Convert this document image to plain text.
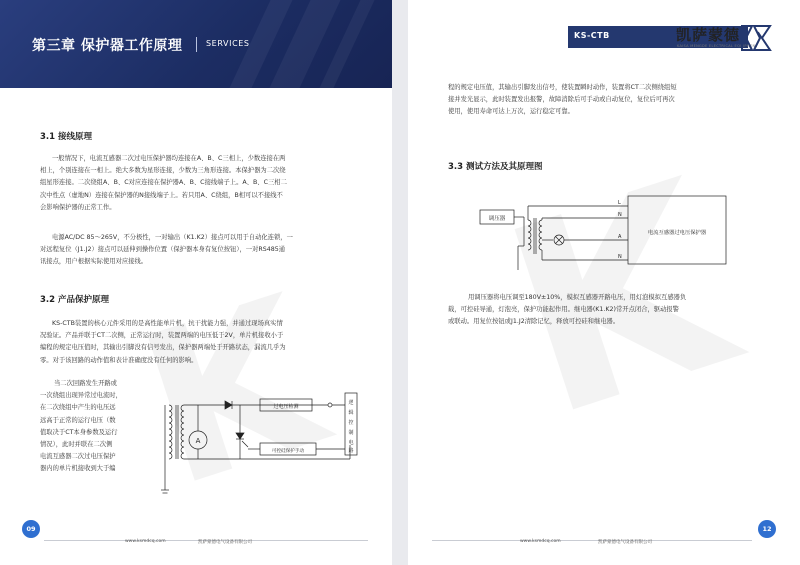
第三章 保护器工作原理	SERVICES
3.1 接线原理
一般情况下，电流互感器二次过电压保护器均连接在A、B、C三相上，少数连接在两
相上，个别连接在一相上。绝大多数为星形连接，少数为三角形连接。本保护器为二次绕
组星形连接。二次绕组A、B、C对应连接在保护器A、B、C接线端子上。A、B、C三相二
次中性点（虚地N）连接在保护器的N接线端子上。若只用A、C绕组，B相可以不接线不
会影响保护器的正常工作。
电源AC/DC 85～265V，不分极性，一对输出（K1.K2）接点可以用于自动化连锁，一
对远程复位（J1.J2）接点可以延伸到操作位置（保护器本身有复位按钮），一对RS485通
讯接点，用户根据实际使用对应接线。
3.2 产品保护原理
KS-CTB装置的核心元件采用的是高性能单片机，抗干扰能力强，并通过现场真实情
况验证。产品并联于CT二次侧，正常运行时，装置两端的电压低于2V，单片机接收小于
编程的规定电压值时，其输出引脚没有信号发出，保护器两端处于开路状态，漏流几乎为
零。对于该回路的动作值和表计准确度没有任何的影响。
当二次回路发生开路或
一次绕组出现异常过电流时，
在二次绕组中产生的电压远
远高于正常的运行电压（数
值取决于CT本身参数及运行
情况），此时并联在二次侧
电流互感器二次过电压保护
器内的单片机接收到大于编
A
过电压检测
可控硅保护手动
逻
辑
控
制
电
路
09
www.ksmdcq.com	凯萨蒙德电气设备有限公司
KS-CTB	凯萨蒙德
KAISA MENGDE ELECTRICAL EQUIPMENT
程的规定电压值，其输出引脚发出信号，使装置瞬时动作，装置将CT二次侧绕组短
接并发光显示，此时装置发出报警，故障消除后可手动或自动复位，复位后可再次
使用，使用寿命可达上万次，运行稳定可靠。
3.3 测试方法及其原理图
调压器
电流互感器过电压保护器
L
N
A
N
用调压器将电压调至180V±10%，模拟互感器开路电压，用灯泡模拟互感器负
载，可控硅导通，灯泡亮，保护功能起作用。继电器(K1.K2)常开点闭合，驱动报警
或联动。用复位按钮或J1.J2清除记忆，释放可控硅和继电器。
www.ksmdcq.com	凯萨蒙德电气设备有限公司
12
